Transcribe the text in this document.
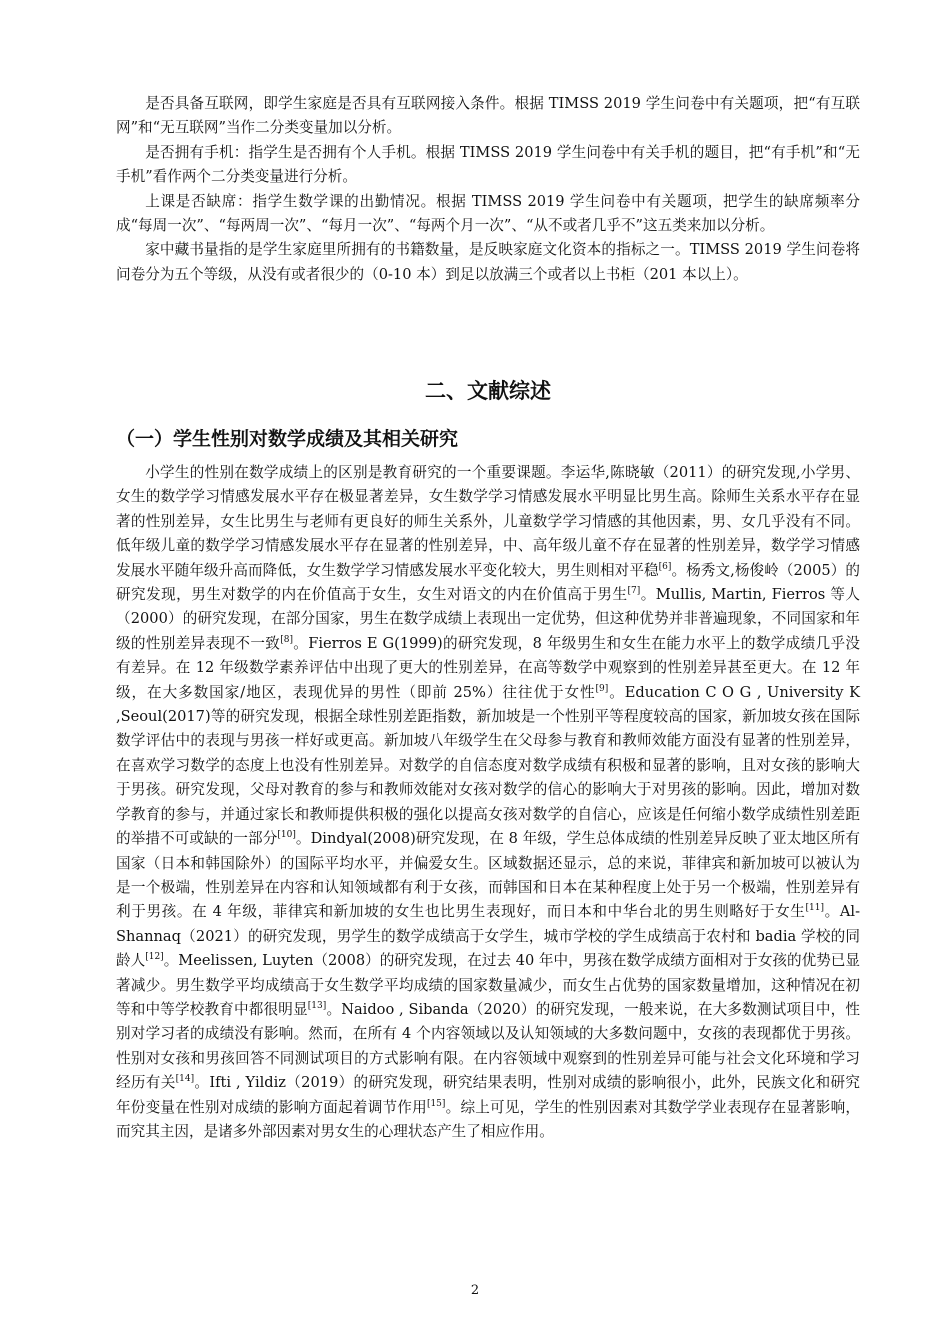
是否具备互联网，即学生家庭是否具有互联网接入条件。根据 TIMSS 2019 学生问卷中有关题项，把“有互联网”和“无互联网”当作二分类变量加以分析。

是否拥有手机：指学生是否拥有个人手机。根据 TIMSS 2019 学生问卷中有关手机的题目，把“有手机”和“无手机”看作两个二分类变量进行分析。

上课是否缺席：指学生数学课的出勤情况。根据 TIMSS 2019 学生问卷中有关题项，把学生的缺席频率分成“每周一次”、“每两周一次”、“每月一次”、“每两个月一次”、“从不或者几乎不”这五类来加以分析。

家中藏书量指的是学生家庭里所拥有的书籍数量，是反映家庭文化资本的指标之一。TIMSS 2019 学生问卷将问卷分为五个等级，从没有或者很少的（0-10 本）到足以放满三个或者以上书柜（201 本以上）。

二、文献综述
（一）学生性别对数学成绩及其相关研究

小学生的性别在数学成绩上的区别是教育研究的一个重要课题。李运华,陈晓敏（2011）的研究发现,小学男、女生的数学学习情感发展水平存在极显著差异，女生数学学习情感发展水平明显比男生高。除师生关系水平存在显著的性别差异，女生比男生与老师有更良好的师生关系外，儿童数学学习情感的其他因素，男、女几乎没有不同。低年级儿童的数学学习情感发展水平存在显著的性别差异，中、高年级儿童不存在显著的性别差异，数学学习情感发展水平随年级升高而降低，女生数学学习情感发展水平变化较大，男生则相对平稳[6]。杨秀文,杨俊岭（2005）的研究发现，男生对数学的内在价值高于女生，女生对语文的内在价值高于男生[7]。Mullis, Martin, Fierros 等人（2000）的研究发现，在部分国家，男生在数学成绩上表现出一定优势，但这种优势并非普遍现象，不同国家和年级的性别差异表现不一致[8]。Fierros E G(1999)的研究发现，8 年级男生和女生在能力水平上的数学成绩几乎没有差异。在 12 年级数学素养评估中出现了更大的性别差异，在高等数学中观察到的性别差异甚至更大。在 12 年级，在大多数国家/地区，表现优异的男性（即前 25%）往往优于女性[9]。Education C O G , University K ,Seoul(2017)等的研究发现，根据全球性别差距指数，新加坡是一个性别平等程度较高的国家，新加坡女孩在国际数学评估中的表现与男孩一样好或更高。新加坡八年级学生在父母参与教育和教师效能方面没有显著的性别差异，在喜欢学习数学的态度上也没有性别差异。对数学的自信态度对数学成绩有积极和显著的影响，且对女孩的影响大于男孩。研究发现，父母对教育的参与和教师效能对女孩对数学的信心的影响大于对男孩的影响。因此，增加对数学教育的参与，并通过家长和教师提供积极的强化以提高女孩对数学的自信心，应该是任何缩小数学成绩性别差距的举措不可或缺的一部分[10]。Dindyal(2008)研究发现，在 8 年级，学生总体成绩的性别差异反映了亚太地区所有国家（日本和韩国除外）的国际平均水平，并偏爱女生。区域数据还显示，总的来说，菲律宾和新加坡可以被认为是一个极端，性别差异在内容和认知领域都有利于女孩，而韩国和日本在某种程度上处于另一个极端，性别差异有利于男孩。在 4 年级，菲律宾和新加坡的女生也比男生表现好，而日本和中华台北的男生则略好于女生[11]。Al-Shannaq（2021）的研究发现，男学生的数学成绩高于女学生，城市学校的学生成绩高于农村和 badia 学校的同龄人[12]。Meelissen, Luyten（2008）的研究发现，在过去 40 年中，男孩在数学成绩方面相对于女孩的优势已显著减少。男生数学平均成绩高于女生数学平均成绩的国家数量减少，而女生占优势的国家数量增加，这种情况在初等和中等学校教育中都很明显[13]。Naidoo , Sibanda（2020）的研究发现，一般来说，在大多数测试项目中，性别对学习者的成绩没有影响。然而，在所有 4 个内容领域以及认知领域的大多数问题中，女孩的表现都优于男孩。性别对女孩和男孩回答不同测试项目的方式影响有限。在内容领域中观察到的性别差异可能与社会文化环境和学习经历有关[14]。Ifti , Yildiz（2019）的研究发现，研究结果表明，性别对成绩的影响很小，此外，民族文化和研究年份变量在性别对成绩的影响方面起着调节作用[15]。综上可见，学生的性别因素对其数学学业表现存在显著影响，而究其主因，是诸多外部因素对男女生的心理状态产生了相应作用。

2
